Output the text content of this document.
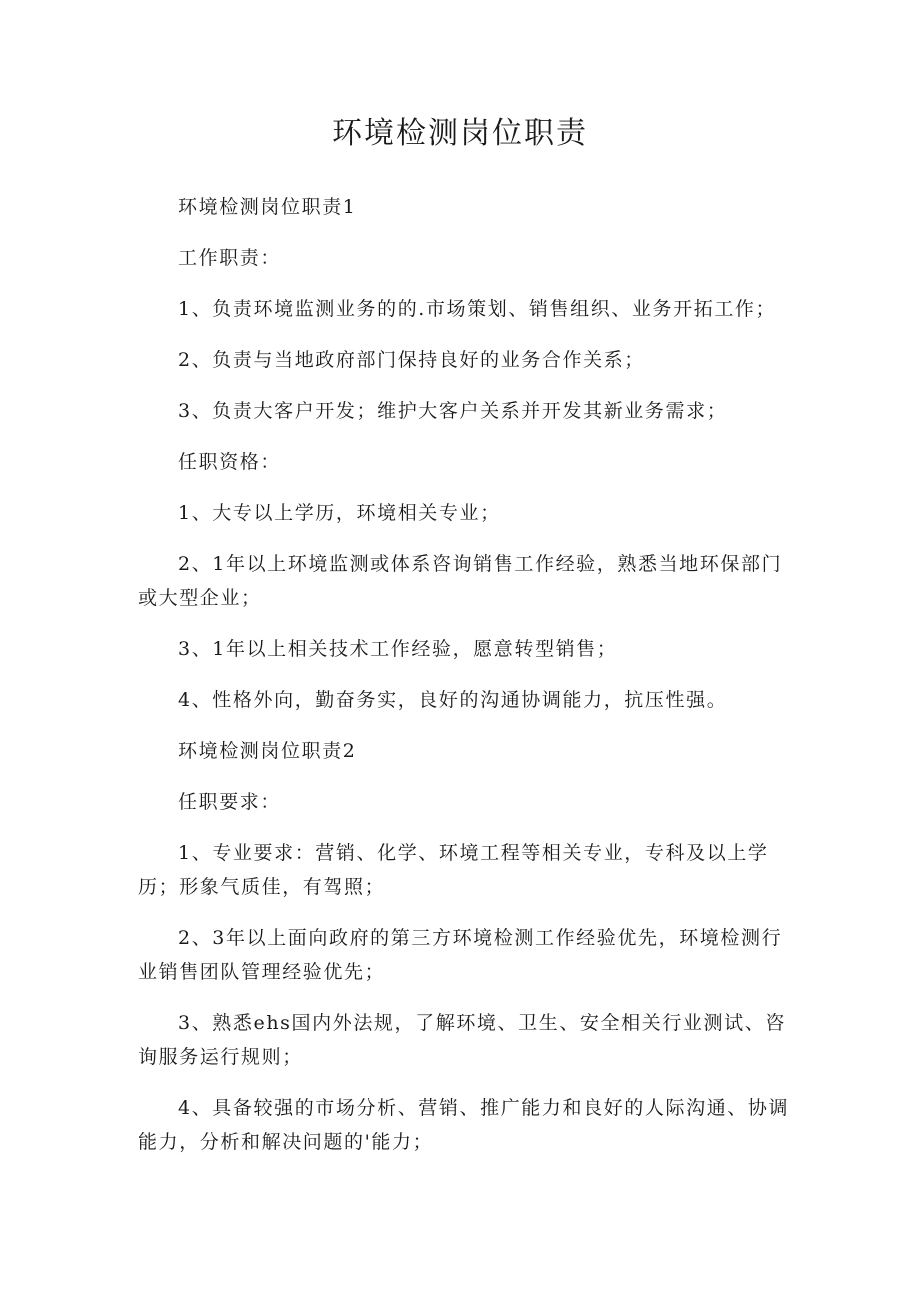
环境检测岗位职责

环境检测岗位职责1

工作职责：

1、负责环境监测业务的的.市场策划、销售组织、业务开拓工作；

2、负责与当地政府部门保持良好的业务合作关系；

3、负责大客户开发；维护大客户关系并开发其新业务需求；

任职资格：

1、大专以上学历，环境相关专业；

2、1年以上环境监测或体系咨询销售工作经验，熟悉当地环保部门或大型企业；

3、1年以上相关技术工作经验，愿意转型销售；

4、性格外向，勤奋务实，良好的沟通协调能力，抗压性强。

环境检测岗位职责2

任职要求：

1、专业要求：营销、化学、环境工程等相关专业，专科及以上学历；形象气质佳，有驾照；

2、3年以上面向政府的第三方环境检测工作经验优先，环境检测行业销售团队管理经验优先；

3、熟悉ehs国内外法规，了解环境、卫生、安全相关行业测试、咨询服务运行规则；

4、具备较强的市场分析、营销、推广能力和良好的人际沟通、协调能力，分析和解决问题的'能力；
